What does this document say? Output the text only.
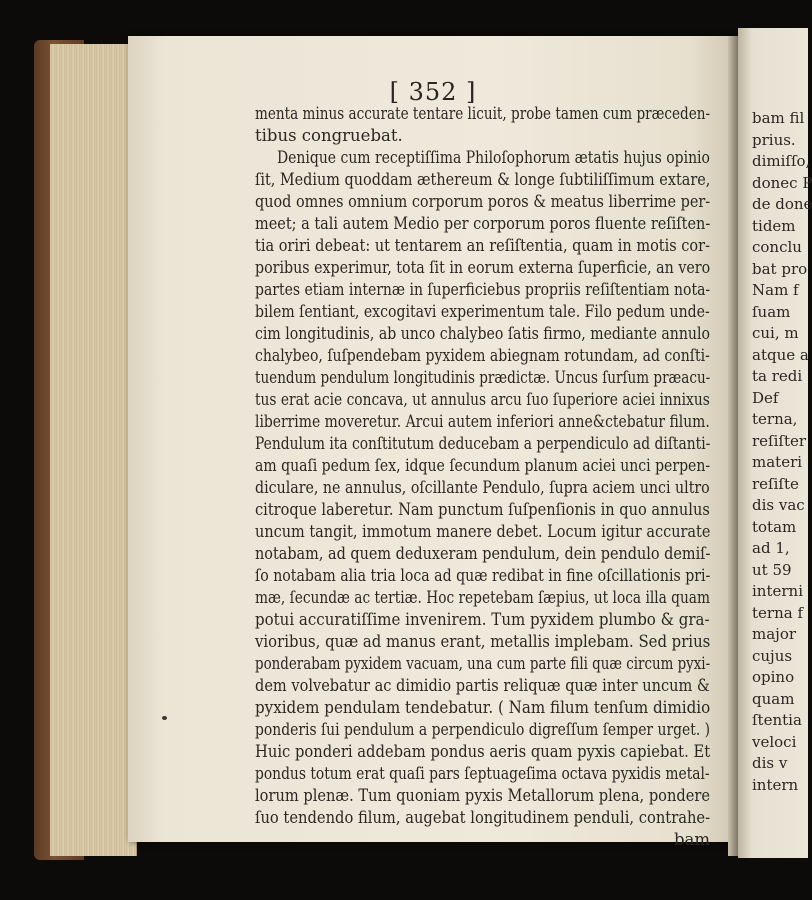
[ 352 ]
menta minus accurate tentare licuit, probe tamen cum præceden-
tibus congruebat.
Denique cum receptiſſima Philoſophorum ætatis hujus opinio
ſit, Medium quoddam æthereum & longe ſubtiliſſimum extare,
quod omnes omnium corporum poros & meatus liberrime per-
meet; a tali autem Medio per corporum poros fluente reſiſten-
tia oriri debeat: ut tentarem an reſiſtentia, quam in motis cor-
poribus experimur, tota ſit in eorum externa ſuperficie, an vero
partes etiam internæ in ſuperficiebus propriis reſiſtentiam nota-
bilem ſentiant, excogitavi experimentum tale. Filo pedum unde-
cim longitudinis, ab unco chalybeo ſatis firmo, mediante annulo
chalybeo, ſuſpendebam pyxidem abiegnam rotundam, ad conſti-
tuendum pendulum longitudinis prædictæ. Uncus ſurſum præacu-
tus erat acie concava, ut annulus arcu ſuo ſuperiore aciei innixus
liberrime moveretur. Arcui autem inferiori anne&ctebatur filum.
Pendulum ita conſtitutum deducebam a perpendiculo ad diſtanti-
am quaſi pedum ſex, idque ſecundum planum aciei unci perpen-
diculare, ne annulus, oſcillante Pendulo, ſupra aciem unci ultro
citroque laberetur. Nam punctum ſuſpenſionis in quo annulus
uncum tangit, immotum manere debet. Locum igitur accurate
notabam, ad quem deduxeram pendulum, dein pendulo demiſ-
ſo notabam alia tria loca ad quæ redibat in fine oſcillationis pri-
mæ, ſecundæ ac tertiæ. Hoc repetebam ſæpius, ut loca illa quam
potui accuratiſſime invenirem. Tum pyxidem plumbo & gra-
vioribus, quæ ad manus erant, metallis implebam. Sed prius
ponderabam pyxidem vacuam, una cum parte fili quæ circum pyxi-
dem volvebatur ac dimidio partis reliquæ quæ inter uncum &
pyxidem pendulam tendebatur. ( Nam filum tenſum dimidio
ponderis ſui pendulum a perpendiculo digreſſum ſemper urget. )
Huic ponderi addebam pondus aeris quam pyxis capiebat. Et
pondus totum erat quaſi pars ſeptuageſima octava pyxidis metal-
lorum plenæ. Tum quoniam pyxis Metallorum plena, pondere
ſuo tendendo filum, augebat longitudinem penduli, contrahe-
bam
bam fil
prius.
dimiſſo,
donec P
de done
tidem
conclu
bat pro
Nam f
ſuam
cui, m
atque a
ta redi
Def
terna,
reſiſter
materi
reſiſte
dis vac
totam
ad 1,
ut 59
interni
terna f
major
cujus
opino
quam
ſtentia
veloci
dis v
intern
